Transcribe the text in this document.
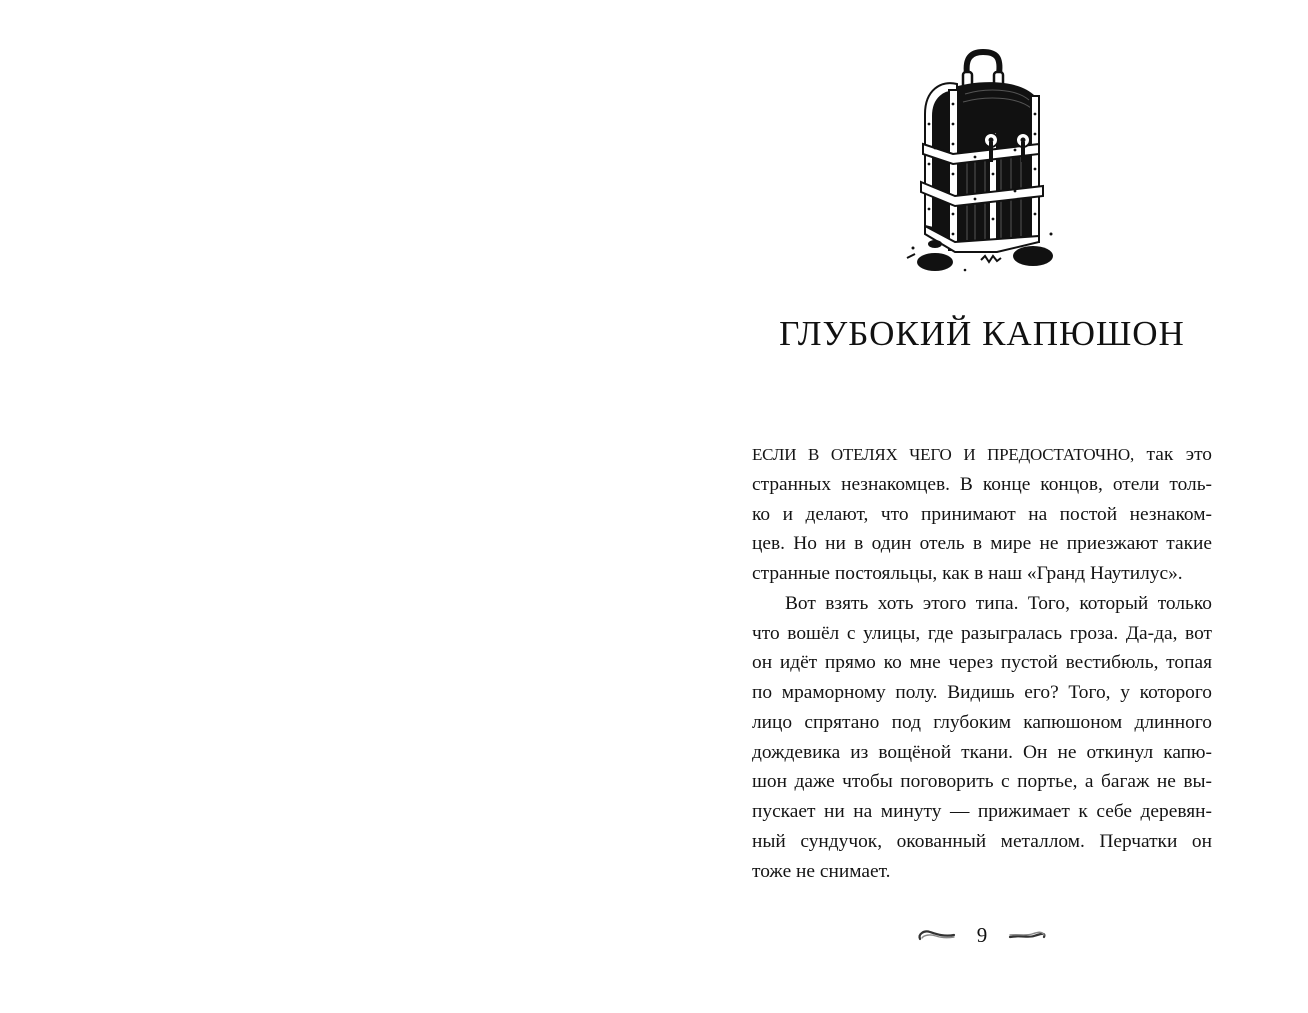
ГЛУБОКИЙ КАПЮШОН
ЕСЛИ В ОТЕЛЯХ ЧЕГО И ПРЕДОСТАТОЧНО, так это
странных незнакомцев. В конце концов, отели толь-
ко и делают, что принимают на постой незнаком-
цев. Но ни в один отель в мире не приезжают такие
странные постояльцы, как в наш «Гранд Наутилус».
Вот взять хоть этого типа. Того, который только
что вошёл с улицы, где разыгралась гроза. Да-да, вот
он идёт прямо ко мне через пустой вестибюль, топая
по мраморному полу. Видишь его? Того, у которого
лицо спрятано под глубоким капюшоном длинного
дождевика из вощёной ткани. Он не откинул капю-
шон даже чтобы поговорить с портье, а багаж не вы-
пускает ни на минуту — прижимает к себе деревян-
ный сундучок, окованный металлом. Перчатки он
тоже не снимает.
9
